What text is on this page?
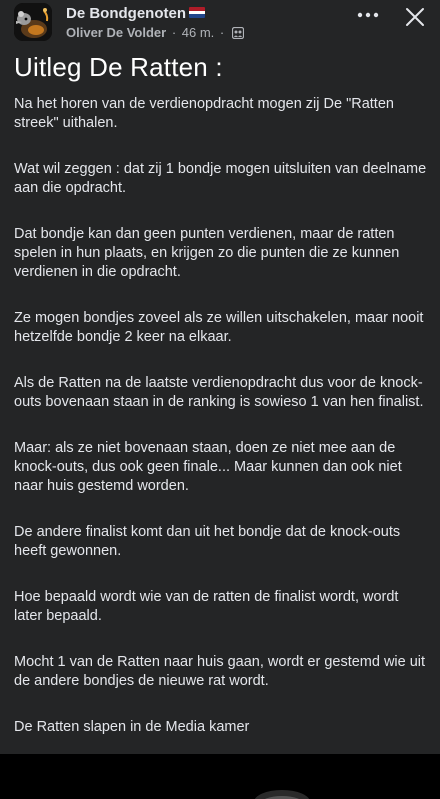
De Bondgenoten
Oliver De Volder · 46 m. ·
Uitleg De Ratten :

Na het horen van de verdienopdracht mogen zij De "Ratten streek" uithalen.

Wat wil zeggen : dat zij 1 bondje mogen uitsluiten van deelname aan die opdracht.

Dat bondje kan dan geen punten verdienen, maar de ratten spelen in hun plaats, en krijgen zo die punten die ze kunnen verdienen in die opdracht.

Ze mogen bondjes zoveel als ze willen uitschakelen, maar nooit hetzelfde bondje 2 keer na elkaar.

Als de Ratten na de laatste verdienopdracht dus voor de knock-outs bovenaan staan in de ranking is sowieso 1 van hen finalist.

Maar: als ze niet bovenaan staan, doen ze niet mee aan de knock-outs, dus ook geen finale... Maar kunnen dan ook niet naar huis gestemd worden.

De andere finalist komt dan uit het bondje dat de knock-outs heeft gewonnen.

Hoe bepaald wordt wie van de ratten de finalist wordt, wordt later bepaald.

Mocht 1 van de Ratten naar huis gaan, wordt er gestemd wie uit de andere bondjes de nieuwe rat wordt.

De Ratten slapen in de Media kamer
